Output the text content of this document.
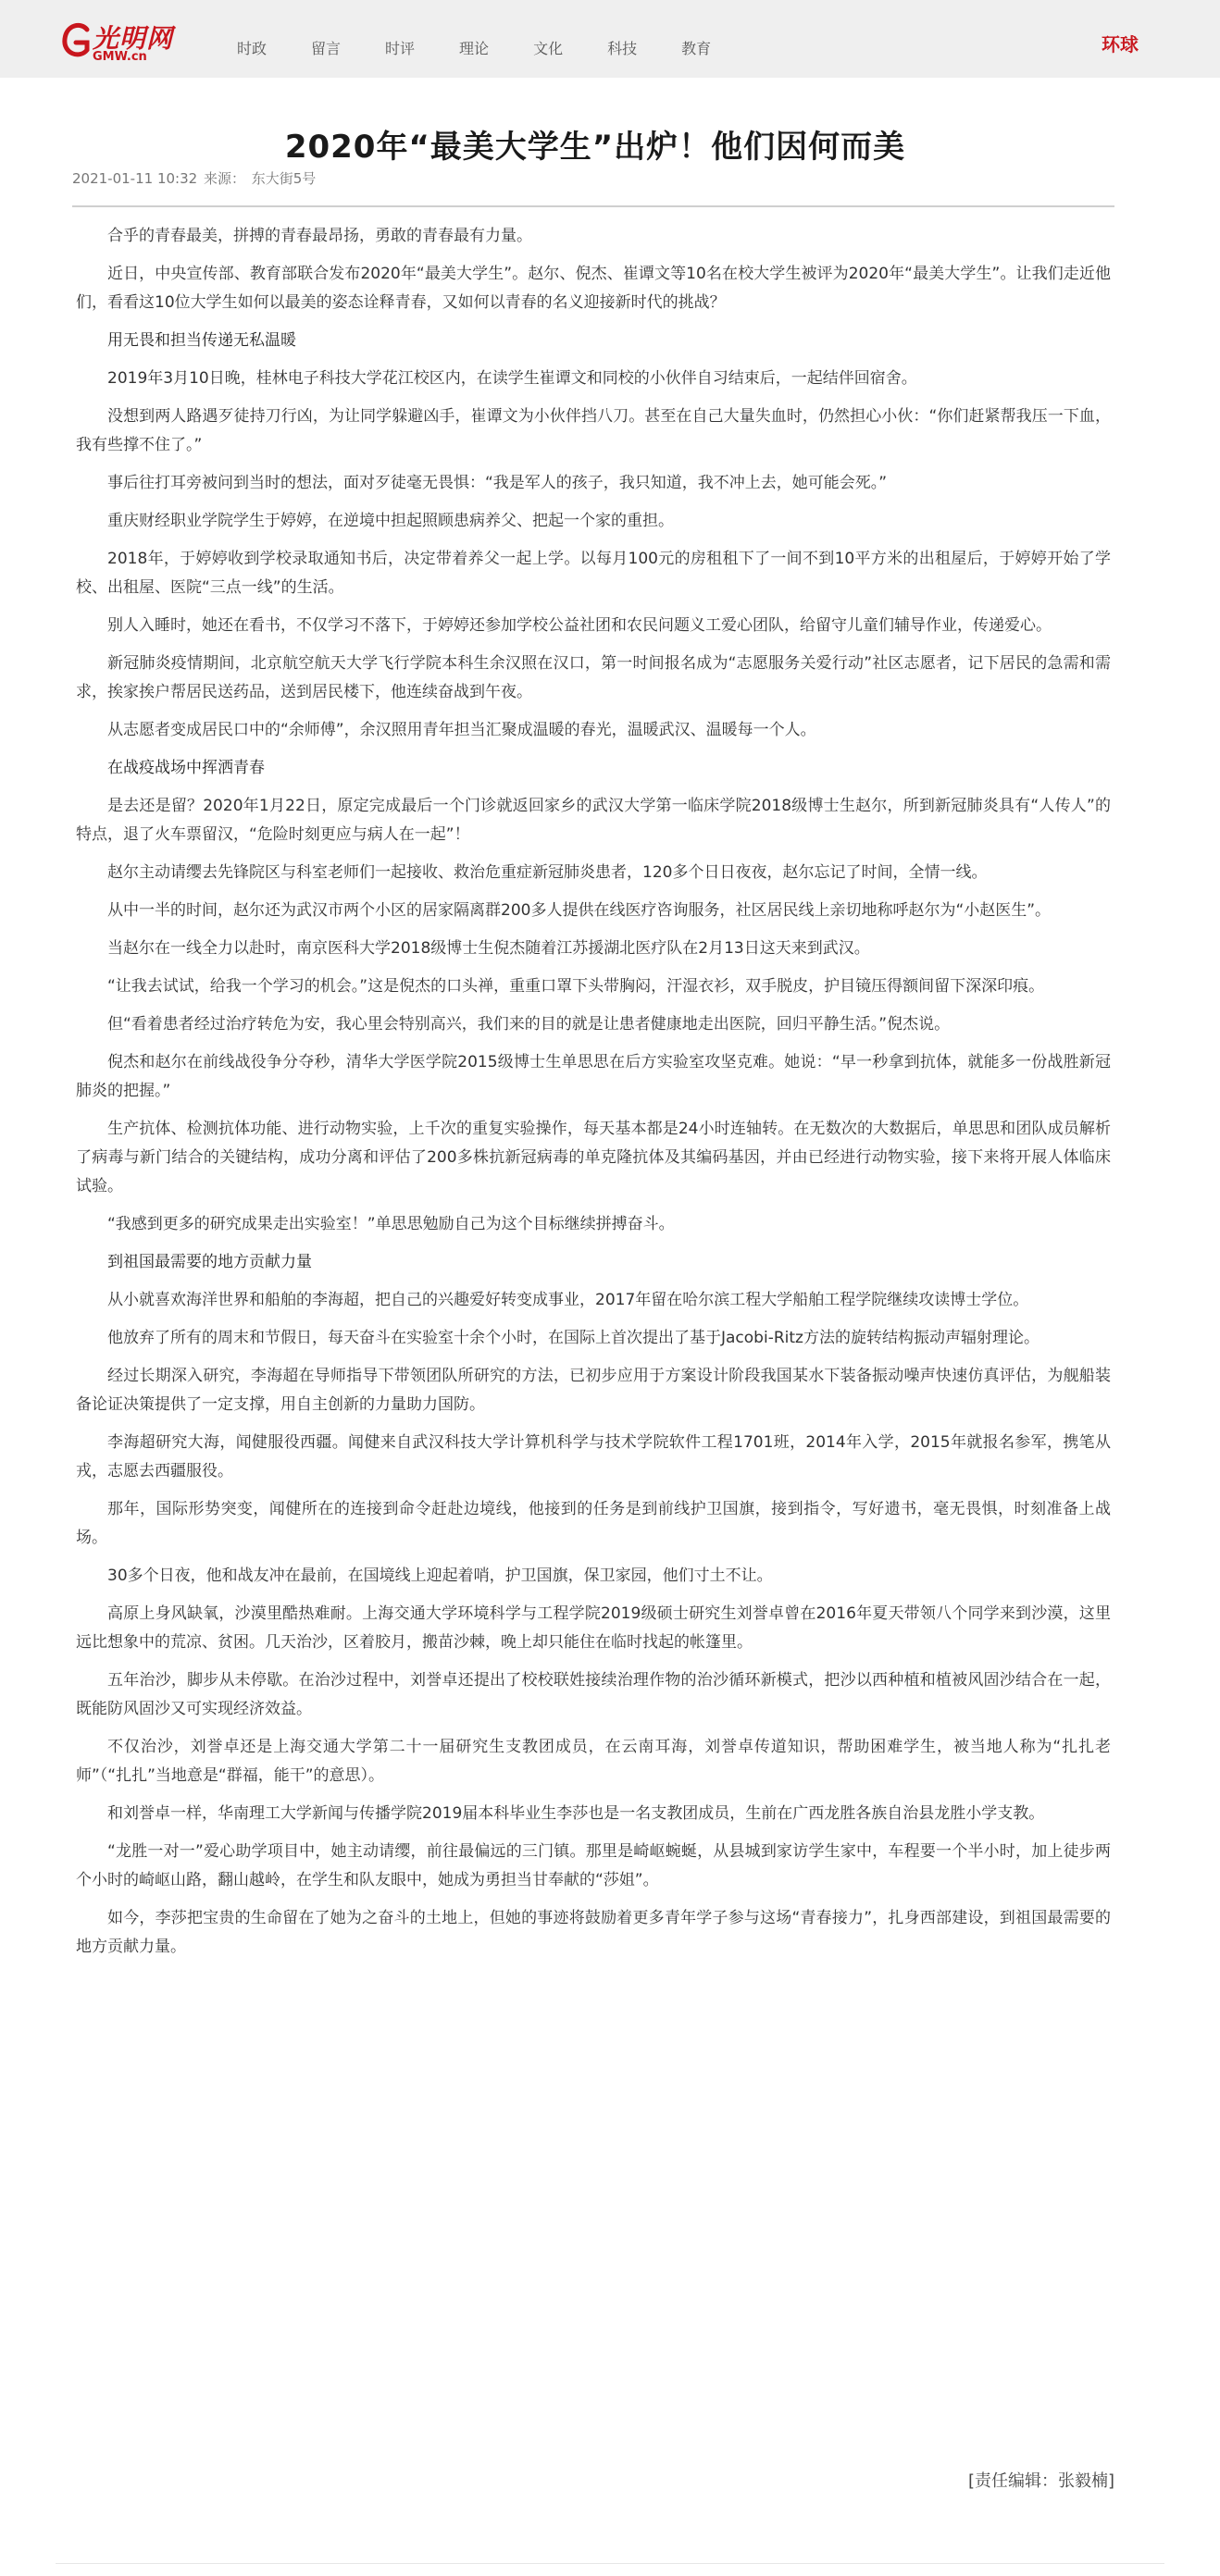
光明网
GMW.cn	时政	留言	时评	理论	文化	科技	教育	环球
2020年“最美大学生”出炉！他们因何而美
2021-01-11 10:32 来源： 东大街5号

合乎的青春最美，拼搏的青春最昂扬，勇敢的青春最有力量。

近日，中央宣传部、教育部联合发布2020年“最美大学生”。赵尔、倪杰、崔谭文等10名在校大学生被评为2020年“最美大学生”。让我们走近他们，看看这10位大学生如何以最美的姿态诠释青春，又如何以青春的名义迎接新时代的挑战？

用无畏和担当传递无私温暖

2019年3月10日晚，桂林电子科技大学花江校区内，在读学生崔谭文和同校的小伙伴自习结束后，一起结伴回宿舍。

没想到两人路遇歹徒持刀行凶，为让同学躲避凶手，崔谭文为小伙伴挡八刀。甚至在自己大量失血时，仍然担心小伙：“你们赶紧帮我压一下血，我有些撑不住了。”

事后往打耳旁被问到当时的想法，面对歹徒毫无畏惧：“我是军人的孩子，我只知道，我不冲上去，她可能会死。”

重庆财经职业学院学生于婷婷，在逆境中担起照顾患病养父、把起一个家的重担。

2018年，于婷婷收到学校录取通知书后，决定带着养父一起上学。以每月100元的房租租下了一间不到10平方米的出租屋后，于婷婷开始了学校、出租屋、医院“三点一线”的生活。

别人入睡时，她还在看书，不仅学习不落下，于婷婷还参加学校公益社团和农民问题义工爱心团队，给留守儿童们辅导作业，传递爱心。

新冠肺炎疫情期间，北京航空航天大学飞行学院本科生余汉照在汉口，第一时间报名成为“志愿服务关爱行动”社区志愿者，记下居民的急需和需求，挨家挨户帮居民送药品，送到居民楼下，他连续奋战到午夜。

从志愿者变成居民口中的“余师傅”，余汉照用青年担当汇聚成温暖的春光，温暖武汉、温暖每一个人。

在战疫战场中挥洒青春

是去还是留？2020年1月22日，原定完成最后一个门诊就返回家乡的武汉大学第一临床学院2018级博士生赵尔，所到新冠肺炎具有“人传人”的特点，退了火车票留汉，“危险时刻更应与病人在一起”！

赵尔主动请缨去先锋院区与科室老师们一起接收、救治危重症新冠肺炎患者，120多个日日夜夜，赵尔忘记了时间，全情一线。

从中一半的时间，赵尔还为武汉市两个小区的居家隔离群200多人提供在线医疗咨询服务，社区居民线上亲切地称呼赵尔为“小赵医生”。

当赵尔在一线全力以赴时，南京医科大学2018级博士生倪杰随着江苏援湖北医疗队在2月13日这天来到武汉。

“让我去试试，给我一个学习的机会。”这是倪杰的口头禅，重重口罩下头带胸闷，汗湿衣衫，双手脱皮，护目镜压得额间留下深深印痕。

但“看着患者经过治疗转危为安，我心里会特别高兴，我们来的目的就是让患者健康地走出医院，回归平静生活。”倪杰说。

倪杰和赵尔在前线战役争分夺秒，清华大学医学院2015级博士生单思思在后方实验室攻坚克难。她说：“早一秒拿到抗体，就能多一份战胜新冠肺炎的把握。”

生产抗体、检测抗体功能、进行动物实验，上千次的重复实验操作，每天基本都是24小时连轴转。在无数次的大数据后，单思思和团队成员解析了病毒与新门结合的关键结构，成功分离和评估了200多株抗新冠病毒的单克隆抗体及其编码基因，并由已经进行动物实验，接下来将开展人体临床试验。

“我感到更多的研究成果走出实验室！”单思思勉励自己为这个目标继续拼搏奋斗。

到祖国最需要的地方贡献力量

从小就喜欢海洋世界和船舶的李海超，把自己的兴趣爱好转变成事业，2017年留在哈尔滨工程大学船舶工程学院继续攻读博士学位。

他放弃了所有的周末和节假日，每天奋斗在实验室十余个小时，在国际上首次提出了基于Jacobi-Ritz方法的旋转结构振动声辐射理论。

经过长期深入研究，李海超在导师指导下带领团队所研究的方法，已初步应用于方案设计阶段我国某水下装备振动噪声快速仿真评估，为舰船装备论证决策提供了一定支撑，用自主创新的力量助力国防。

李海超研究大海，闻健服役西疆。闻健来自武汉科技大学计算机科学与技术学院软件工程1701班，2014年入学，2015年就报名参军，携笔从戎，志愿去西疆服役。

那年，国际形势突变，闻健所在的连接到命令赶赴边境线，他接到的任务是到前线护卫国旗，接到指令，写好遗书，毫无畏惧，时刻准备上战场。

30多个日夜，他和战友冲在最前，在国境线上迎起着哨，护卫国旗，保卫家园，他们寸土不让。

高原上身风缺氧，沙漠里酷热难耐。上海交通大学环境科学与工程学院2019级硕士研究生刘誉卓曾在2016年夏天带领八个同学来到沙漠，这里远比想象中的荒凉、贫困。几天治沙，区着胶月，搬苗沙棘，晚上却只能住在临时找起的帐篷里。

五年治沙，脚步从未停歇。在治沙过程中，刘誉卓还提出了校校联姓接续治理作物的治沙循环新模式，把沙以西种植和植被风固沙结合在一起，既能防风固沙又可实现经济效益。

不仅治沙，刘誉卓还是上海交通大学第二十一届研究生支教团成员，在云南耳海，刘誉卓传道知识，帮助困难学生，被当地人称为“扎扎老师”（“扎扎”当地意是“群福，能干”的意思）。

和刘誉卓一样，华南理工大学新闻与传播学院2019届本科毕业生李莎也是一名支教团成员，生前在广西龙胜各族自治县龙胜小学支教。

“龙胜一对一”爱心助学项目中，她主动请缨，前往最偏远的三门镇。那里是崎岖蜿蜒，从县城到家访学生家中，车程要一个半小时，加上徒步两个小时的崎岖山路，翻山越岭，在学生和队友眼中，她成为勇担当甘奉献的“莎姐”。

如今，李莎把宝贵的生命留在了她为之奋斗的土地上，但她的事迹将鼓励着更多青年学子参与这场“青春接力”，扎身西部建设，到祖国最需要的地方贡献力量。

[责任编辑：张毅楠]
